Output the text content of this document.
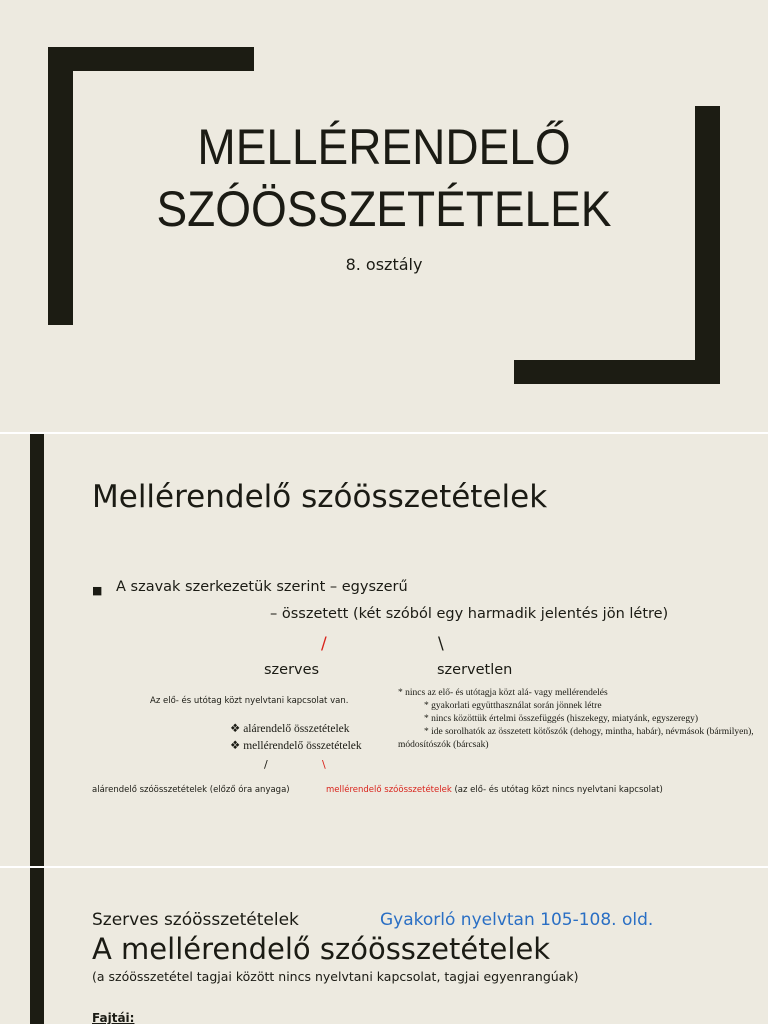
MELLÉRENDELŐ
SZÓÖSSZETÉTELEK
8. osztály
Mellérendelő szóösszetételek
■ A szavak szerkezetük szerint – egyszerű
– összetett (két szóból egy harmadik jelentés jön létre)
/	\
szerves	szervetlen
Az elő- és utótag közt nyelvtani kapcsolat van.
❖ alárendelő összetételek
❖ mellérendelő összetételek
* nincs az elő- és utótagja közt alá- vagy mellérendelés
* gyakorlati együtthasználat során jönnek létre
* nincs közöttük értelmi összefüggés (hiszekegy, miatyánk, egyszeregy)
* ide sorolhatók az összetett kötőszók (dehogy, mintha, habár), névmások (bármilyen),
módosítószók (bárcsak)
/	\
alárendelő szóösszetételek (előző óra anyaga)	mellérendelő szóösszetételek (az elő- és utótag közt nincs nyelvtani kapcsolat)
Szerves szóösszetételek	Gyakorló nyelvtan 105-108. old.
A mellérendelő szóösszetételek
(a szóösszetétel tagjai között nincs nyelvtani kapcsolat, tagjai egyenrangúak)
Fajtái:
